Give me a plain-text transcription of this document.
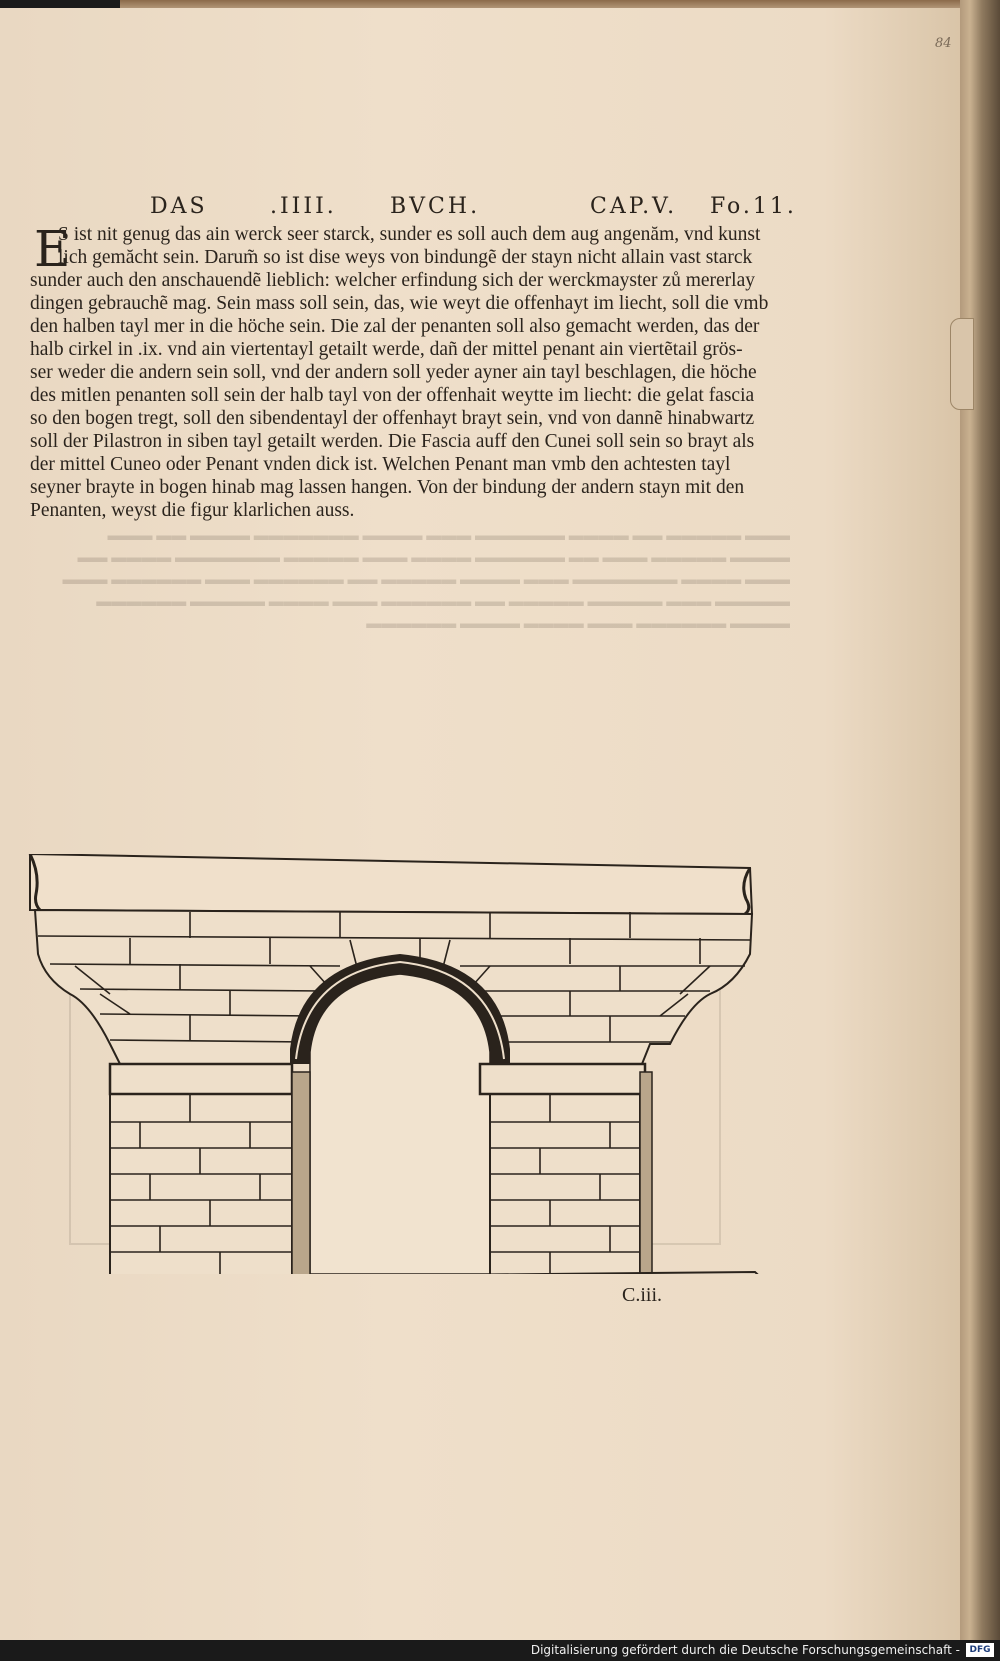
DAS	.IIII. BVCH.	CAP.V. Fo.11.
E
S ist nit genug das ain werck seer starck, sunder es soll auch dem aug angenăm, vnd kunst
lich gemăcht sein. Darum̃ so ist dise weys von bindungẽ der stayn nicht allain vast starck
sunder auch den anschauendẽ lieblich: welcher erfindung sich der werckmayster zů mererlay
dingen gebrauchẽ mag. Sein mass soll sein, das, wie weyt die offenhayt im liecht, soll die vmb
den halben tayl mer in die höche sein. Die zal der penanten soll also gemacht werden, das der
halb cirkel in .ix. vnd ain viertentayl getailt werde, dañ der mittel penant ain viertẽtail grös-
ser weder die andern sein soll, vnd der andern soll yeder ayner ain tayl beschlagen, die höche
des mitlen penanten soll sein der halb tayl von der offenhait weytte im liecht: die gelat fascia
so den bogen tregt, soll den sibendentayl der offenhayt brayt sein, vnd von dannẽ hinabwartz
soll der Pilastron in siben tayl getailt werden. Die Fascia auff den Cunei soll sein so brayt als
der mittel Cuneo oder Penant vnden dick ist. Welchen Penant man vmb den achtesten tayl
seyner brayte in bogen hinab mag lassen hangen. Von der bindung der andern stayn mit den
Penanten, weyst die figur klarlichen auss.
▬▬▬ ▬▬▬▬▬ ▬▬ ▬▬▬▬ ▬▬▬▬▬▬ ▬▬▬ ▬▬▬▬ ▬▬▬▬▬▬▬ ▬▬▬▬ ▬▬ ▬▬▬
▬▬▬▬ ▬▬▬▬▬ ▬▬▬ ▬▬ ▬▬▬▬▬▬ ▬▬▬▬ ▬▬▬ ▬▬▬▬▬ ▬▬▬▬▬▬▬ ▬▬▬▬ ▬▬
▬▬▬ ▬▬▬▬ ▬▬▬▬▬▬▬ ▬▬▬ ▬▬▬▬ ▬▬▬▬▬ ▬▬ ▬▬▬▬▬▬ ▬▬▬ ▬▬▬▬▬▬ ▬▬▬
▬▬▬▬▬ ▬▬▬ ▬▬▬▬▬ ▬▬▬▬▬ ▬▬ ▬▬▬▬▬▬ ▬▬▬ ▬▬▬▬ ▬▬▬▬▬ ▬▬▬▬▬▬
▬▬▬▬ ▬▬▬▬▬▬ ▬▬▬ ▬▬▬▬ ▬▬▬▬ ▬▬▬▬▬▬
C.iii.
84
Digitalisierung gefördert durch die Deutsche Forschungsgemeinschaft -	DFG
